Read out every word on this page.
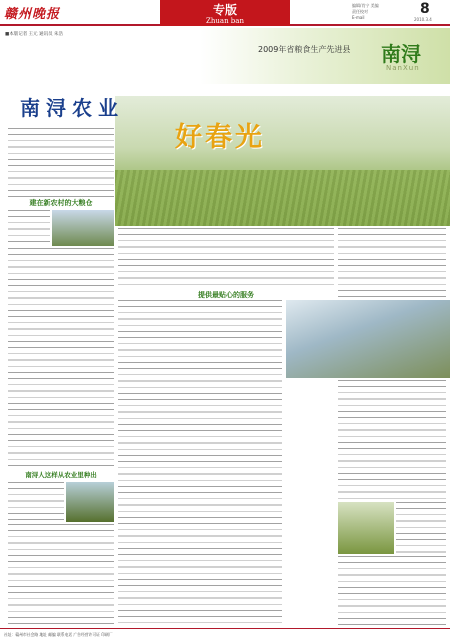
赣州晚报	专版
Zhuan ban
编辑/肖宁 美编
责任校对
E-mail
8
2010.3.4
■本版记者 王元 通讯员 朱浩
2009年省粮食生产先进县 南浔
NanXun
好春光
南浔农业
建在新农村的大粮仓
南浔人这样从农业里种出
提供最贴心的服务
社址：赣州市社会路 地址 邮编 联系电话 广告经营许可证 印刷厂
